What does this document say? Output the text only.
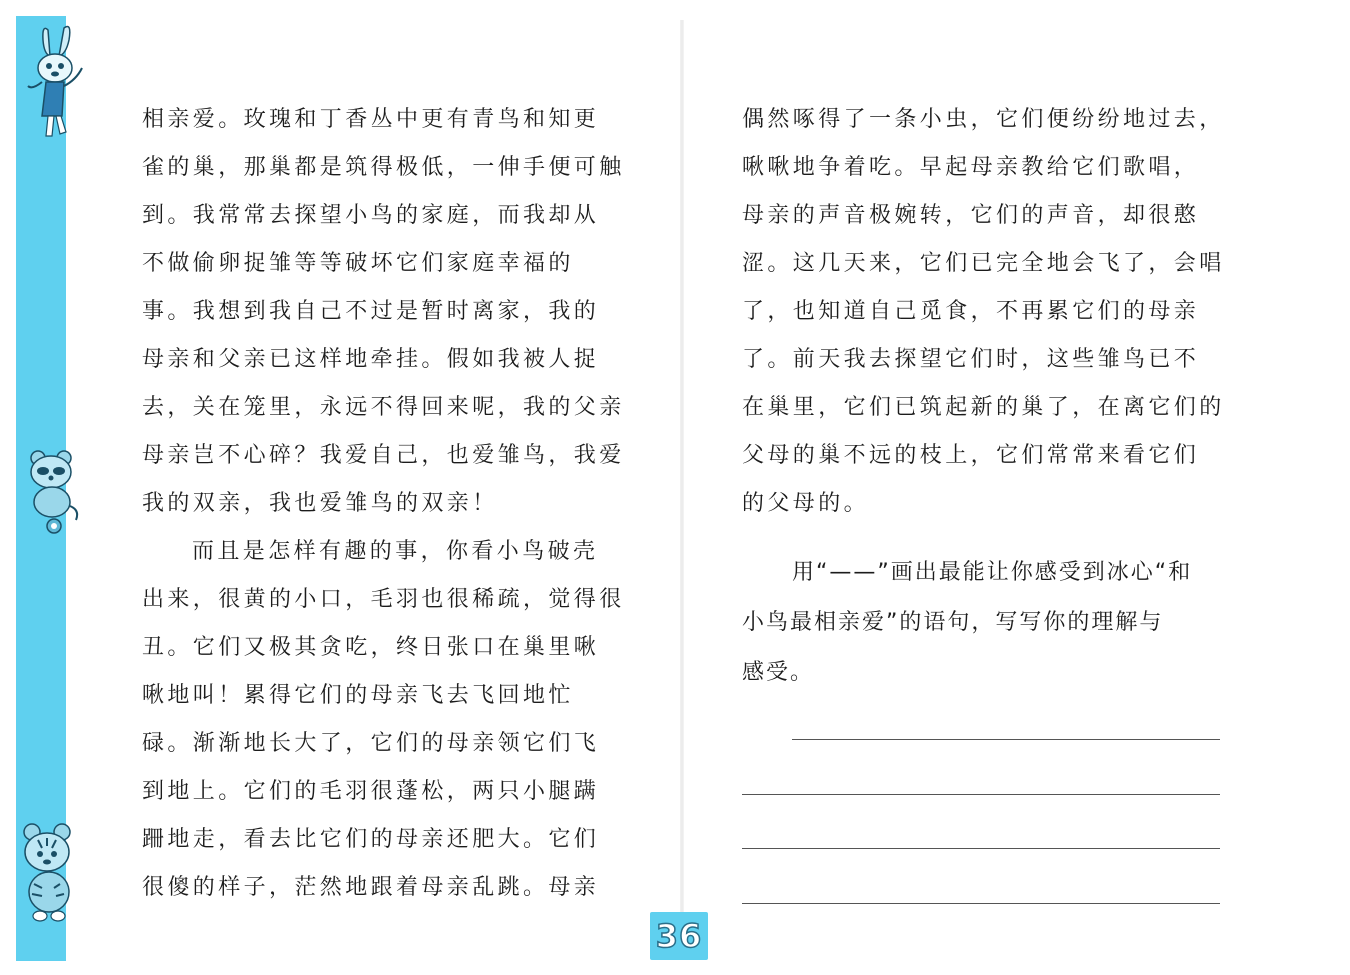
相亲爱。玫瑰和丁香丛中更有青鸟和知更

雀的巢，那巢都是筑得极低，一伸手便可触

到。我常常去探望小鸟的家庭，而我却从

不做偷卵捉雏等等破坏它们家庭幸福的

事。我想到我自己不过是暂时离家，我的

母亲和父亲已这样地牵挂。假如我被人捉

去，关在笼里，永远不得回来呢，我的父亲

母亲岂不心碎？我爱自己，也爱雏鸟，我爱

我的双亲，我也爱雏鸟的双亲！

而且是怎样有趣的事，你看小鸟破壳

出来，很黄的小口，毛羽也很稀疏，觉得很

丑。它们又极其贪吃，终日张口在巢里啾

啾地叫！累得它们的母亲飞去飞回地忙

碌。渐渐地长大了，它们的母亲领它们飞

到地上。它们的毛羽很蓬松，两只小腿蹒

跚地走，看去比它们的母亲还肥大。它们

很傻的样子，茫然地跟着母亲乱跳。母亲

偶然啄得了一条小虫，它们便纷纷地过去，

啾啾地争着吃。早起母亲教给它们歌唱，

母亲的声音极婉转，它们的声音，却很憨

涩。这几天来，它们已完全地会飞了，会唱

了，也知道自己觅食，不再累它们的母亲

了。前天我去探望它们时，这些雏鸟已不

在巢里，它们已筑起新的巢了，在离它们的

父母的巢不远的枝上，它们常常来看它们

的父母的。

用“——”画出最能让你感受到冰心“和

小鸟最相亲爱”的语句，写写你的理解与

感受。

36
